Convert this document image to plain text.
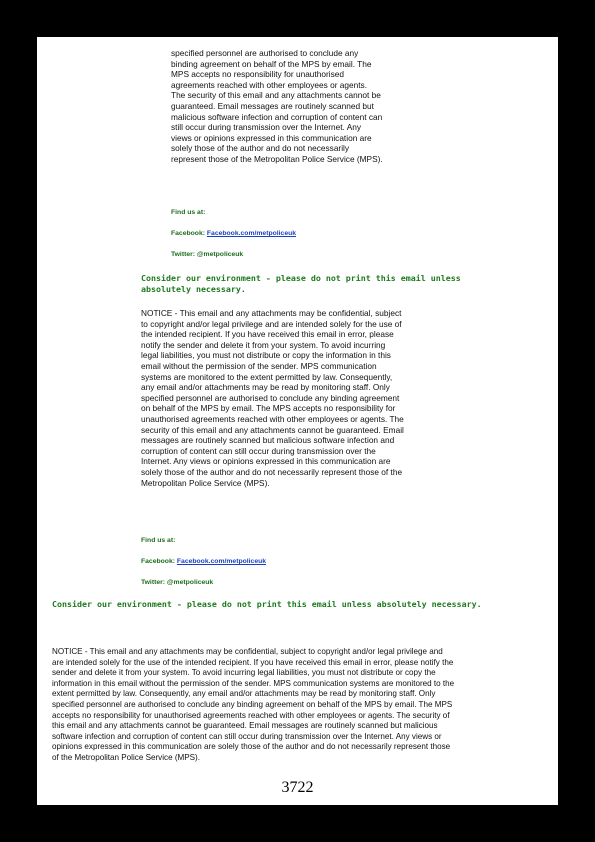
specified personnel are authorised to conclude any

binding agreement on behalf of the MPS by email. The

MPS accepts no responsibility for unauthorised

agreements reached with other employees or agents.

The security of this email and any attachments cannot be

guaranteed. Email messages are routinely scanned but

malicious software infection and corruption of content can

still occur during transmission over the Internet. Any

views or opinions expressed in this communication are

solely those of the author and do not necessarily

represent those of the Metropolitan Police Service (MPS).

Find us at:

Facebook: Facebook.com/metpoliceuk
Twitter: @metpoliceuk
Consider our environment - please do not print this email unless
absolutely necessary.

NOTICE - This email and any attachments may be confidential, subject

to copyright and/or legal privilege and are intended solely for the use of

the intended recipient. If you have received this email in error, please

notify the sender and delete it from your system. To avoid incurring

legal liabilities, you must not distribute or copy the information in this

email without the permission of the sender. MPS communication

systems are monitored to the extent permitted by law. Consequently,

any email and/or attachments may be read by monitoring staff. Only

specified personnel are authorised to conclude any binding agreement

on behalf of the MPS by email. The MPS accepts no responsibility for

unauthorised agreements reached with other employees or agents. The

security of this email and any attachments cannot be guaranteed. Email

messages are routinely scanned but malicious software infection and

corruption of content can still occur during transmission over the

Internet. Any views or opinions expressed in this communication are

solely those of the author and do not necessarily represent those of the

Metropolitan Police Service (MPS).

Find us at:

Facebook: Facebook.com/metpoliceuk
Twitter: @metpoliceuk
Consider our environment - please do not print this email unless absolutely necessary.

NOTICE - This email and any attachments may be confidential, subject to copyright and/or legal privilege and

are intended solely for the use of the intended recipient. If you have received this email in error, please notify the

sender and delete it from your system. To avoid incurring legal liabilities, you must not distribute or copy the

information in this email without the permission of the sender. MPS communication systems are monitored to the

extent permitted by law. Consequently, any email and/or attachments may be read by monitoring staff. Only

specified personnel are authorised to conclude any binding agreement on behalf of the MPS by email. The MPS

accepts no responsibility for unauthorised agreements reached with other employees or agents. The security of

this email and any attachments cannot be guaranteed. Email messages are routinely scanned but malicious

software infection and corruption of content can still occur during transmission over the Internet. Any views or

opinions expressed in this communication are solely those of the author and do not necessarily represent those

of the Metropolitan Police Service (MPS).

3722
